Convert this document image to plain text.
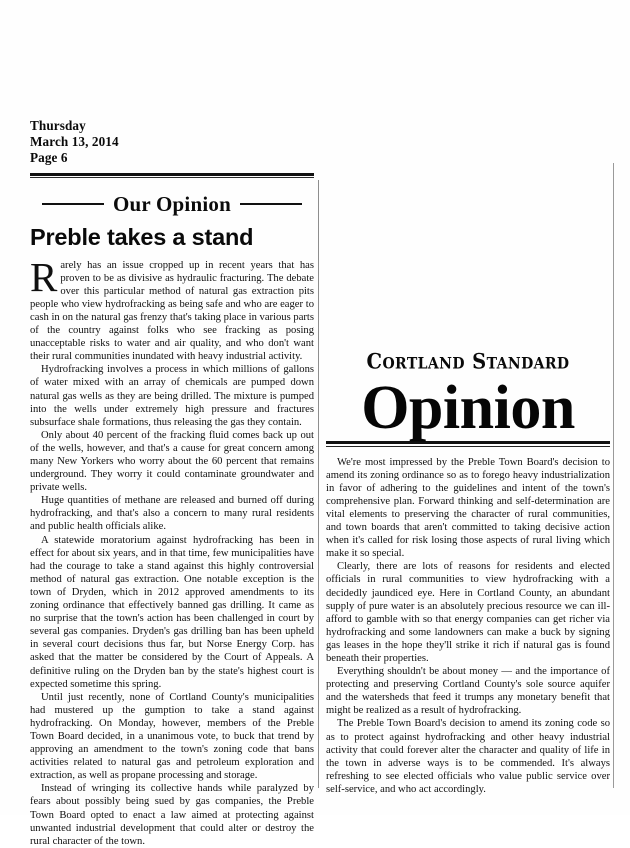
Thursday
March 13, 2014
Page 6
Our Opinion
Preble takes a stand

Rarely has an issue cropped up in recent years that has proven to be as divisive as hydraulic fracturing. The debate over this particular method of natural gas extraction pits people who view hydrofracking as being safe and who are eager to cash in on the natural gas frenzy that's taking place in various parts of the country against folks who see fracking as posing unacceptable risks to water and air quality, and who don't want their rural communities inundated with heavy industrial activity.

Hydrofracking involves a process in which millions of gallons of water mixed with an array of chemicals are pumped down natural gas wells as they are being drilled. The mixture is pumped into the wells under extremely high pressure and fractures subsurface shale formations, thus releasing the gas they contain.

Only about 40 percent of the fracking fluid comes back up out of the wells, however, and that's a cause for great concern among many New Yorkers who worry about the 60 percent that remains underground. They worry it could contaminate groundwater and private wells.

Huge quantities of methane are released and burned off during hydrofracking, and that's also a concern to many rural residents and public health officials alike.

A statewide moratorium against hydrofracking has been in effect for about six years, and in that time, few municipalities have had the courage to take a stand against this highly controversial method of natural gas extraction. One notable exception is the town of Dryden, which in 2012 approved amendments to its zoning ordinance that effectively banned gas drilling. It came as no surprise that the town's action has been challenged in court by several gas companies. Dryden's gas drilling ban has been upheld in several court decisions thus far, but Norse Energy Corp. has asked that the matter be considered by the Court of Appeals. A definitive ruling on the Dryden ban by the state's highest court is expected sometime this spring.

Until just recently, none of Cortland County's municipalities had mustered up the gumption to take a stand against hydrofracking. On Monday, however, members of the Preble Town Board decided, in a unanimous vote, to buck that trend by approving an amendment to the town's zoning code that bans activities related to natural gas and petroleum exploration and extraction, as well as propane processing and storage.

Instead of wringing its collective hands while paralyzed by fears about possibly being sued by gas companies, the Preble Town Board opted to enact a law aimed at protecting against unwanted industrial development that could alter or destroy the rural character of the town.

Cortland Standard
Opinion

We're most impressed by the Preble Town Board's decision to amend its zoning ordinance so as to forego heavy industrialization in favor of adhering to the guidelines and intent of the town's comprehensive plan. Forward thinking and self-determination are vital elements to preserving the character of rural communities, and town boards that aren't committed to taking decisive action when it's called for risk losing those aspects of rural living which make it so special.

Clearly, there are lots of reasons for residents and elected officials in rural communities to view hydrofracking with a decidedly jaundiced eye. Here in Cortland County, an abundant supply of pure water is an absolutely precious resource we can ill-afford to gamble with so that energy companies can get richer via hydrofracking and some landowners can make a buck by signing gas leases in the hope they'll strike it rich if natural gas is found beneath their properties.

Everything shouldn't be about money — and the importance of protecting and preserving Cortland County's sole source aquifer and the watersheds that feed it trumps any monetary benefit that might be realized as a result of hydrofracking.

The Preble Town Board's decision to amend its zoning code so as to protect against hydrofracking and other heavy industrial activity that could forever alter the character and quality of life in the town in adverse ways is to be commended. It's always refreshing to see elected officials who value public service over self-service, and who act accordingly.
